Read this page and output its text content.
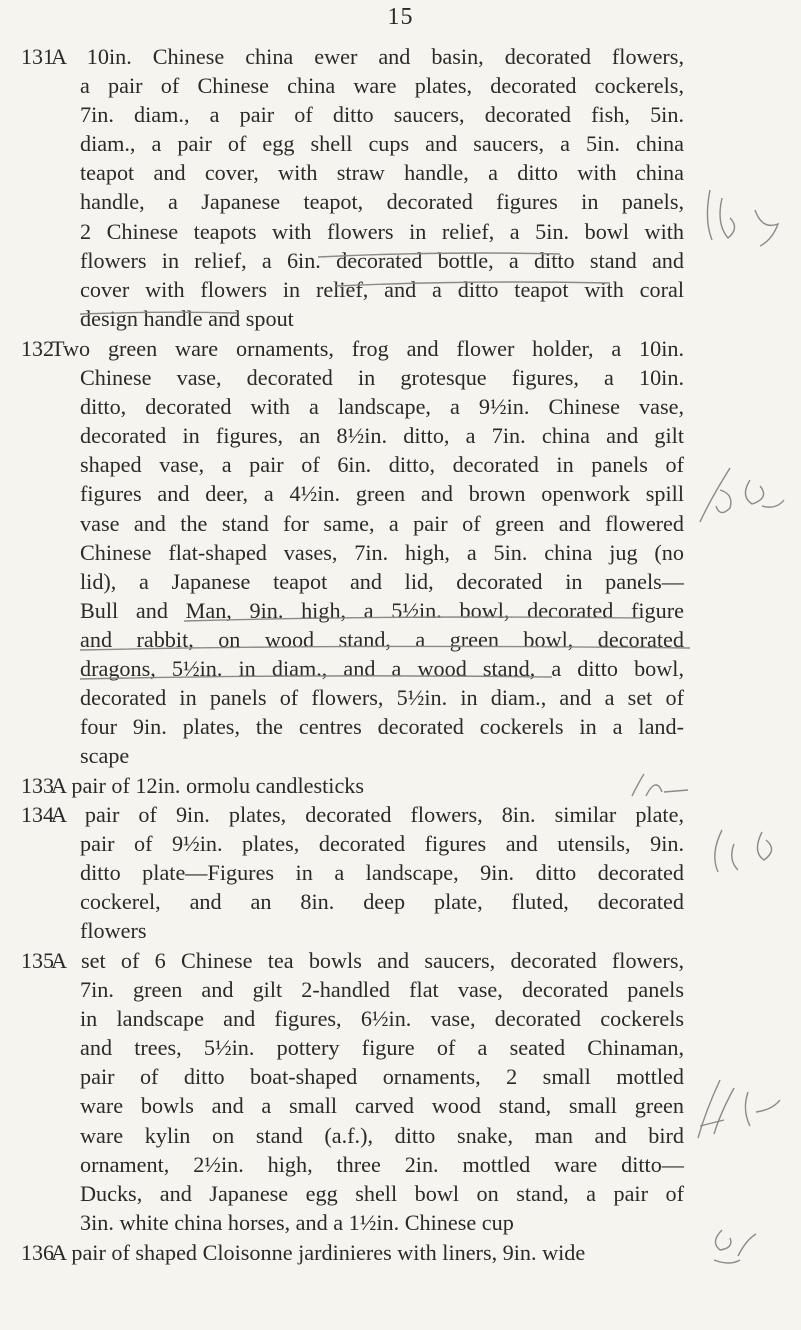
15
131
A 10in. Chinese china ewer and basin, decorated flowers,
a pair of Chinese china ware plates, decorated cockerels,
7in. diam., a pair of ditto saucers, decorated fish, 5in.
diam., a pair of egg shell cups and saucers, a 5in. china
teapot and cover, with straw handle, a ditto with china
handle, a Japanese teapot, decorated figures in panels,
2 Chinese teapots with flowers in relief, a 5in. bowl with
flowers in relief, a 6in. decorated bottle, a ditto stand and
cover with flowers in relief, and a ditto teapot with coral
design handle and spout
132
Two green ware ornaments, frog and flower holder, a 10in.
Chinese vase, decorated in grotesque figures, a 10in.
ditto, decorated with a landscape, a 9½in. Chinese vase,
decorated in figures, an 8½in. ditto, a 7in. china and gilt
shaped vase, a pair of 6in. ditto, decorated in panels of
figures and deer, a 4½in. green and brown openwork spill
vase and the stand for same, a pair of green and flowered
Chinese flat-shaped vases, 7in. high, a 5in. china jug (no
lid), a Japanese teapot and lid, decorated in panels—
Bull and Man, 9in. high, a 5½in. bowl, decorated figure
and rabbit, on wood stand, a green bowl, decorated
dragons, 5½in. in diam., and a wood stand, a ditto bowl,
decorated in panels of flowers, 5½in. in diam., and a set of
four 9in. plates, the centres decorated cockerels in a land-
scape
133
A pair of 12in. ormolu candlesticks
134
A pair of 9in. plates, decorated flowers, 8in. similar plate,
pair of 9½in. plates, decorated figures and utensils, 9in.
ditto plate—Figures in a landscape, 9in. ditto decorated
cockerel, and an 8in. deep plate, fluted, decorated
flowers
135
A set of 6 Chinese tea bowls and saucers, decorated flowers,
7in. green and gilt 2-handled flat vase, decorated panels
in landscape and figures, 6½in. vase, decorated cockerels
and trees, 5½in. pottery figure of a seated Chinaman,
pair of ditto boat-shaped ornaments, 2 small mottled
ware bowls and a small carved wood stand, small green
ware kylin on stand (a.f.), ditto snake, man and bird
ornament, 2½in. high, three 2in. mottled ware ditto—
Ducks, and Japanese egg shell bowl on stand, a pair of
3in. white china horses, and a 1½in. Chinese cup
136
A pair of shaped Cloisonne jardinieres with liners, 9in. wide
